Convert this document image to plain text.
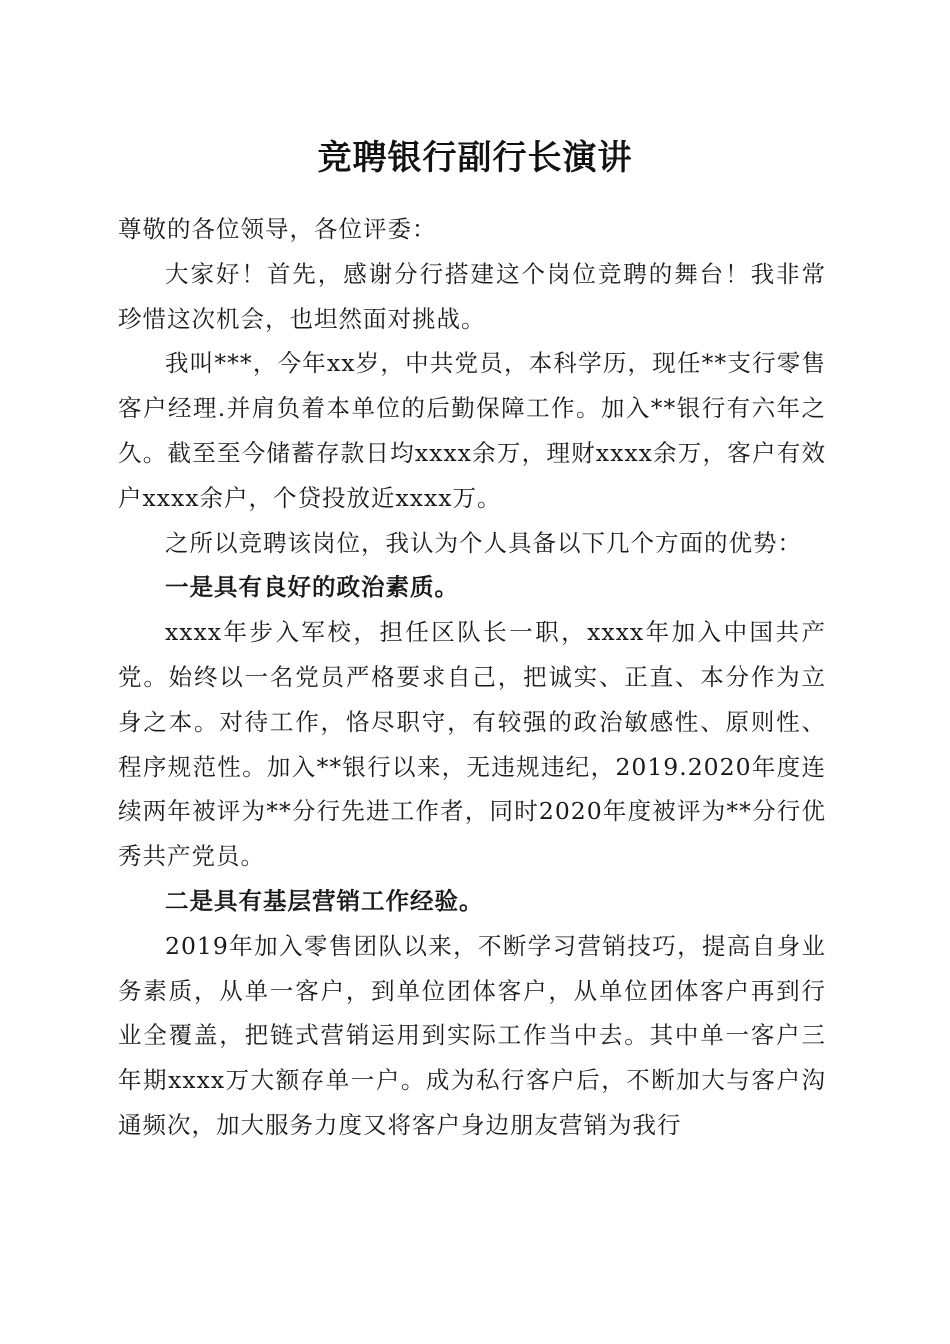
竞聘银行副行长演讲

尊敬的各位领导，各位评委：

大家好！首先，感谢分行搭建这个岗位竞聘的舞台！我非常珍惜这次机会，也坦然面对挑战。

我叫***，今年xx岁，中共党员，本科学历，现任**支行零售客户经理.并肩负着本单位的后勤保障工作。加入**银行有六年之久。截至至今储蓄存款日均xxxx余万，理财xxxx余万，客户有效户xxxx余户，个贷投放近xxxx万。

之所以竞聘该岗位，我认为个人具备以下几个方面的优势：

一是具有良好的政治素质。

xxxx年步入军校，担任区队长一职，xxxx年加入中国共产党。始终以一名党员严格要求自己，把诚实、正直、本分作为立身之本。对待工作，恪尽职守，有较强的政治敏感性、原则性、程序规范性。加入**银行以来，无违规违纪，2019.2020年度连续两年被评为**分行先进工作者，同时2020年度被评为**分行优秀共产党员。

二是具有基层营销工作经验。

2019年加入零售团队以来，不断学习营销技巧，提高自身业务素质，从单一客户，到单位团体客户，从单位团体客户再到行业全覆盖，把链式营销运用到实际工作当中去。其中单一客户三年期xxxx万大额存单一户。成为私行客户后，不断加大与客户沟通频次，加大服务力度又将客户身边朋友营销为我行
